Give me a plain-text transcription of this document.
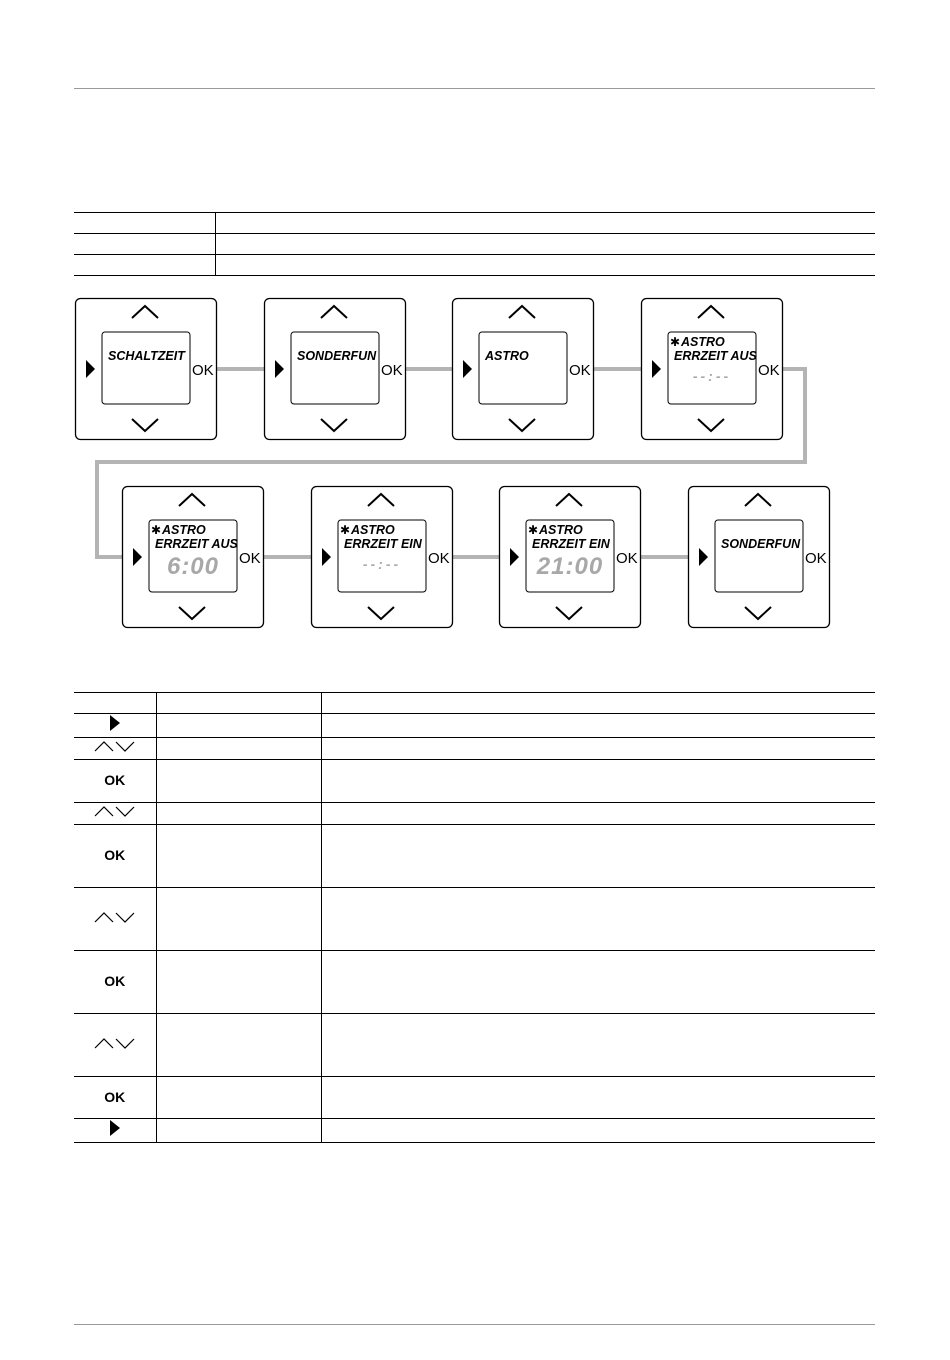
OK
SCHALTZEIT
OK
SONDERFUN
OK
ASTRO
OK
✱ ASTRO
ERRZEIT AUS
--:--
OK
✱ ASTRO
ERRZEIT AUS
6:00	OK
✱ ASTRO
ERRZEIT EIN
--:--	OK
✱ ASTRO
ERRZEIT EIN
21:00	OK
SONDERFUN

OK		

OK		

OK		

OK		
